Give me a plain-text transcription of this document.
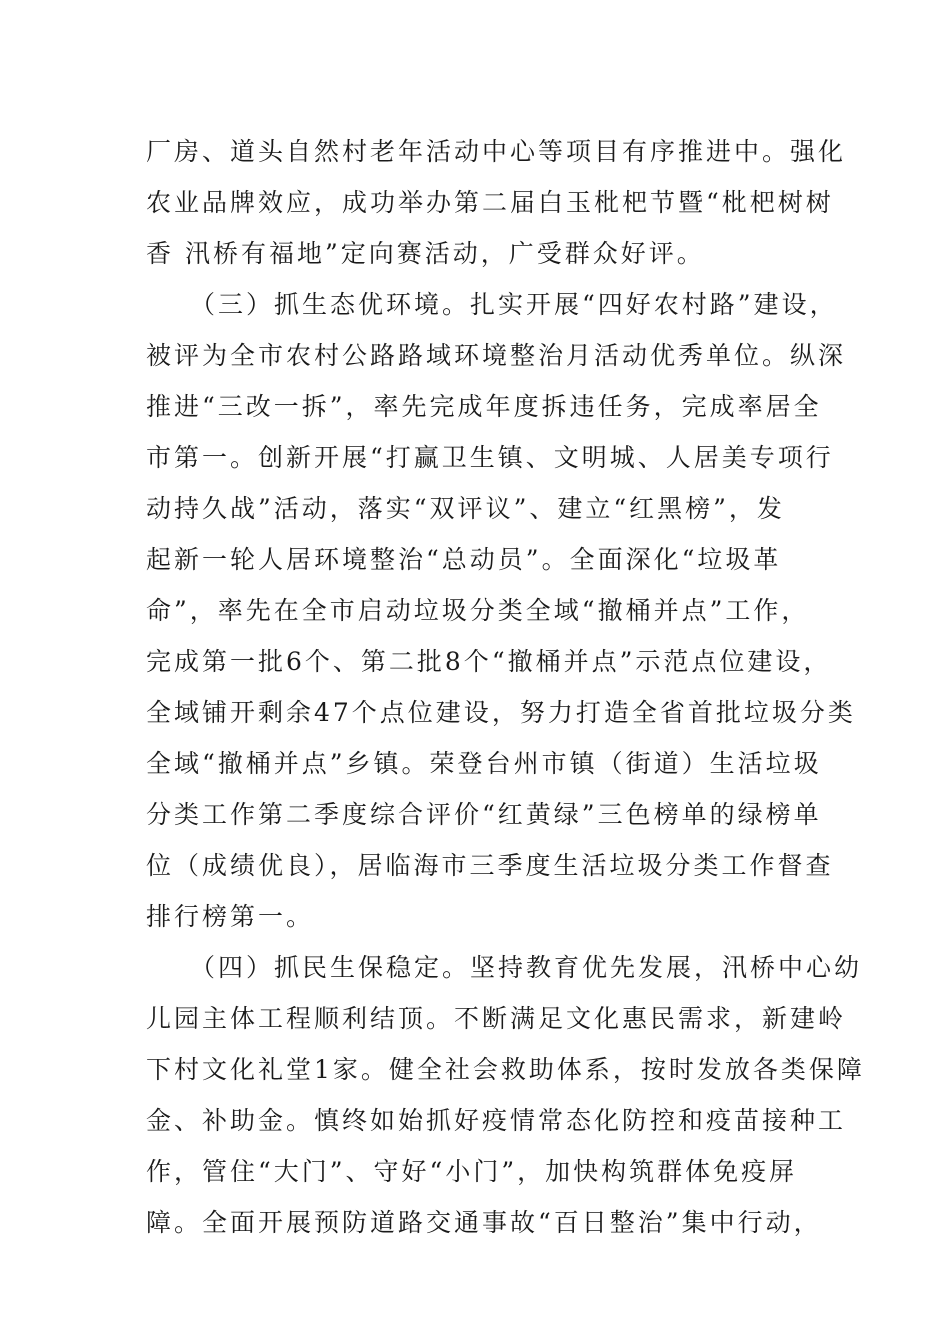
厂房、道头自然村老年活动中心等项目有序推进中。强化
农业品牌效应，成功举办第二届白玉枇杷节暨“枇杷树树
香 汛桥有福地”定向赛活动，广受群众好评。
（三）抓生态优环境。扎实开展“四好农村路”建设，
被评为全市农村公路路域环境整治月活动优秀单位。纵深
推进“三改一拆”，率先完成年度拆违任务，完成率居全
市第一。创新开展“打赢卫生镇、文明城、人居美专项行
动持久战”活动，落实“双评议”、建立“红黑榜”，发
起新一轮人居环境整治“总动员”。全面深化“垃圾革
命”，率先在全市启动垃圾分类全域“撤桶并点”工作，
完成第一批6个、第二批8个“撤桶并点”示范点位建设，
全域铺开剩余47个点位建设，努力打造全省首批垃圾分类
全域“撤桶并点”乡镇。荣登台州市镇（街道）生活垃圾
分类工作第二季度综合评价“红黄绿”三色榜单的绿榜单
位（成绩优良），居临海市三季度生活垃圾分类工作督查
排行榜第一。
（四）抓民生保稳定。坚持教育优先发展，汛桥中心幼
儿园主体工程顺利结顶。不断满足文化惠民需求，新建岭
下村文化礼堂1家。健全社会救助体系，按时发放各类保障
金、补助金。慎终如始抓好疫情常态化防控和疫苗接种工
作，管住“大门”、守好“小门”，加快构筑群体免疫屏
障。全面开展预防道路交通事故“百日整治”集中行动，
